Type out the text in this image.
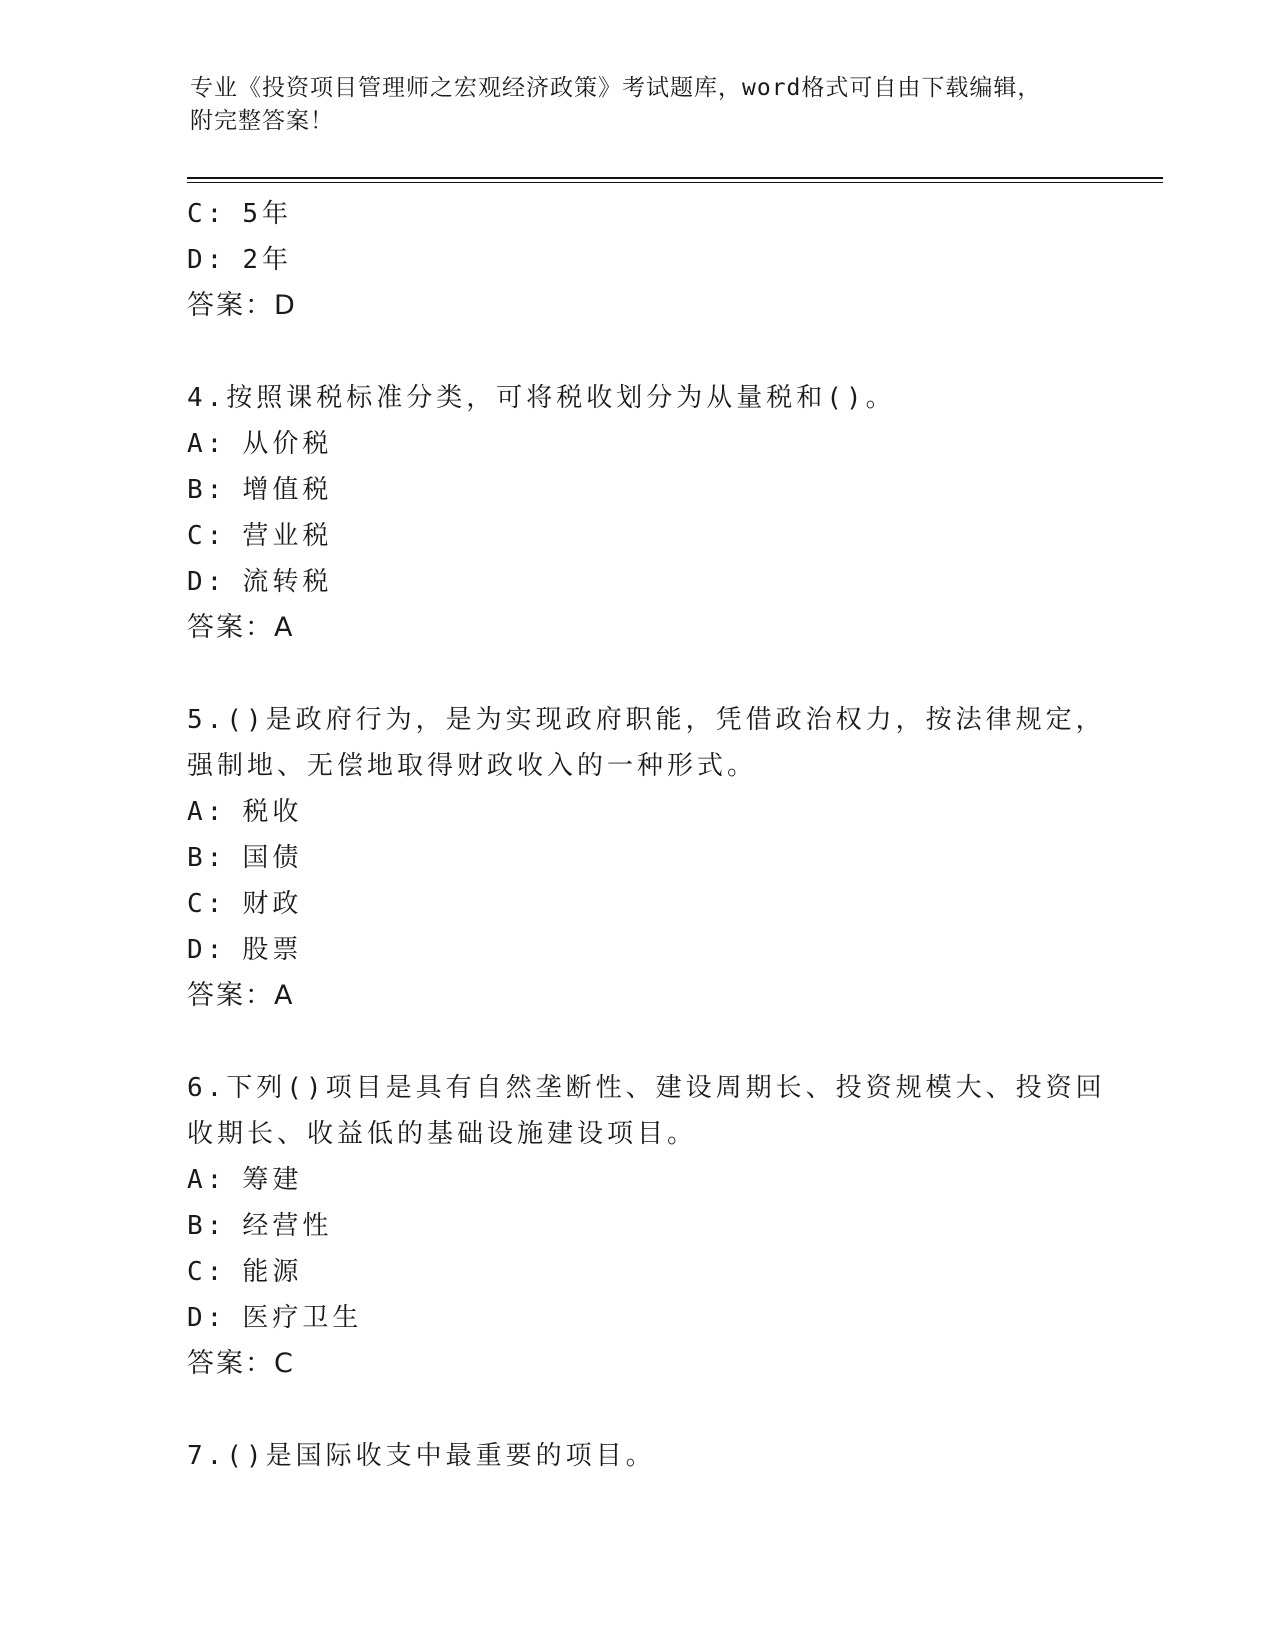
专业《投资项目管理师之宏观经济政策》考试题库，word格式可自由下载编辑，
附完整答案！
C: 5年
D: 2年
答案：D
4.按照课税标准分类，可将税收划分为从量税和()。
A: 从价税
B: 增值税
C: 营业税
D: 流转税
答案：A
5.()是政府行为，是为实现政府职能，凭借政治权力，按法律规定，
强制地、无偿地取得财政收入的一种形式。
A: 税收
B: 国债
C: 财政
D: 股票
答案：A
6.下列()项目是具有自然垄断性、建设周期长、投资规模大、投资回
收期长、收益低的基础设施建设项目。
A: 筹建
B: 经营性
C: 能源
D: 医疗卫生
答案：C
7.()是国际收支中最重要的项目。
